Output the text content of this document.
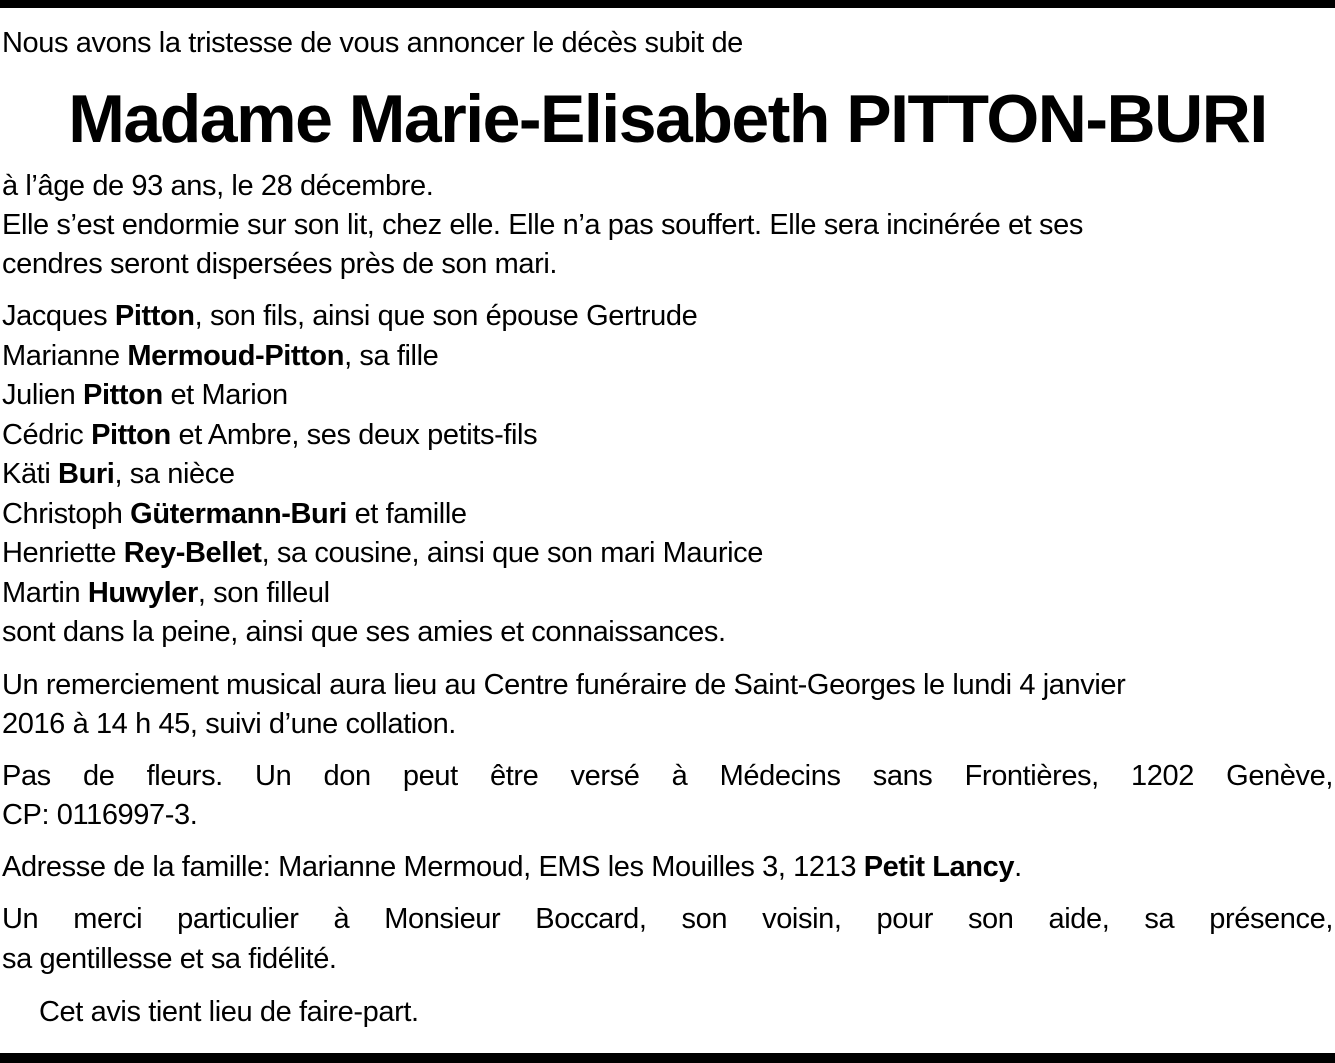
Nous avons la tristesse de vous annoncer le décès subit de
Madame Marie-Elisabeth PITTON-BURI
à l’âge de 93 ans, le 28 décembre.
Elle s’est endormie sur son lit, chez elle. Elle n’a pas souffert. Elle sera incinérée et ses
cendres seront dispersées près de son mari.
Jacques Pitton, son fils, ainsi que son épouse Gertrude
Marianne Mermoud-Pitton, sa fille
Julien Pitton et Marion
Cédric Pitton et Ambre, ses deux petits-fils
Käti Buri, sa nièce
Christoph Gütermann-Buri et famille
Henriette Rey-Bellet, sa cousine, ainsi que son mari Maurice
Martin Huwyler, son filleul
sont dans la peine, ainsi que ses amies et connaissances.
Un remerciement musical aura lieu au Centre funéraire de Saint-Georges le lundi 4 janvier
2016 à 14 h 45, suivi d’une collation.
Pas de fleurs. Un don peut être versé à Médecins sans Frontières, 1202 Genève,
CP: 0116997-3.
Adresse de la famille: Marianne Mermoud, EMS les Mouilles 3, 1213 Petit Lancy.
Un merci particulier à Monsieur Boccard, son voisin, pour son aide, sa présence,
sa gentillesse et sa fidélité.
Cet avis tient lieu de faire-part.
